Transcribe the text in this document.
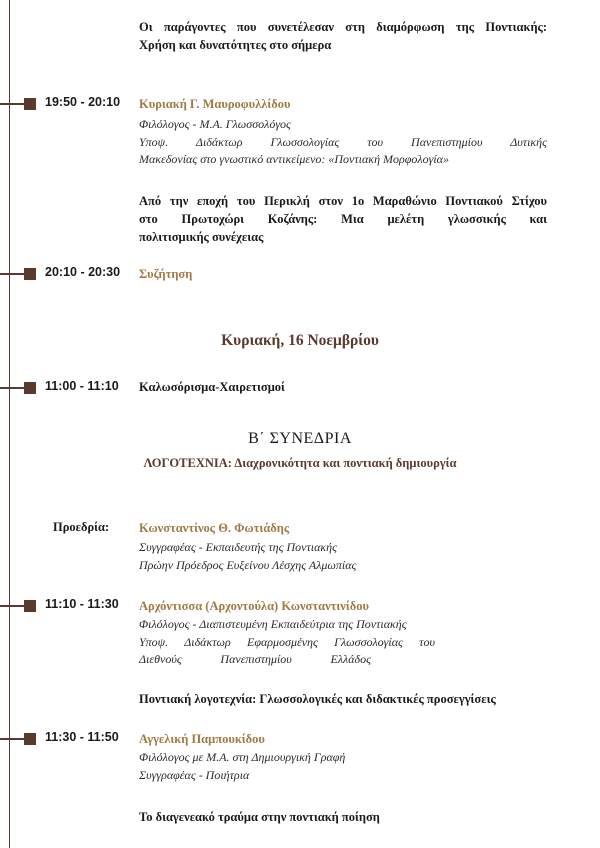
Οι παράγοντες που συνετέλεσαν στη διαμόρφωση της Ποντιακής:
Χρήση και δυνατότητες στο σήμερα
19:50 - 20:10 Κυριακή Γ. Μαυροφυλλίδου
Φιλόλογος - Μ.Α. Γλωσσολόγος
Υποψ. Διδάκτωρ Γλωσσολογίας του Πανεπιστημίου Δυτικής
Μακεδονίας στο γνωστικό αντικείμενο: «Ποντιακή Μορφολογία»
Από την εποχή του Περικλή στον 1ο Μαραθώνιο Ποντιακού Στίχου
στο Πρωτοχώρι Κοζάνης: Μια μελέτη γλωσσικής και
πολιτισμικής συνέχειας
20:10 - 20:30 Συζήτηση
Κυριακή, 16 Νοεμβρίου
11:00 - 11:10 Καλωσόρισμα-Χαιρετισμοί
Β΄ ΣΥΝΕΔΡΙΑ
ΛΟΓΟΤΕΧΝΙΑ: Διαχρονικότητα και ποντιακή δημιουργία
Προεδρία: Κωνσταντίνος Θ. Φωτιάδης
Συγγραφέας - Εκπαιδευτής της Ποντιακής
Πρώην Πρόεδρος Ευξείνου Λέσχης Αλμωπίας
11:10 - 11:30 Αρχόντισσα (Αρχοντούλα) Κωνσταντινίδου
Φιλόλογος - Διαπιστευμένη Εκπαιδεύτρια της Ποντιακής
Υποψ. Διδάκτωρ Εφαρμοσμένης Γλωσσολογίας του
Διεθνούς Πανεπιστημίου Ελλάδος
Ποντιακή λογοτεχνία: Γλωσσολογικές και διδακτικές προσεγγίσεις
11:30 - 11:50 Αγγελική Παμπουκίδου
Φιλόλογος με Μ.Α. στη Δημιουργική Γραφή
Συγγραφέας - Ποιήτρια
Το διαγενεακό τραύμα στην ποντιακή ποίηση
